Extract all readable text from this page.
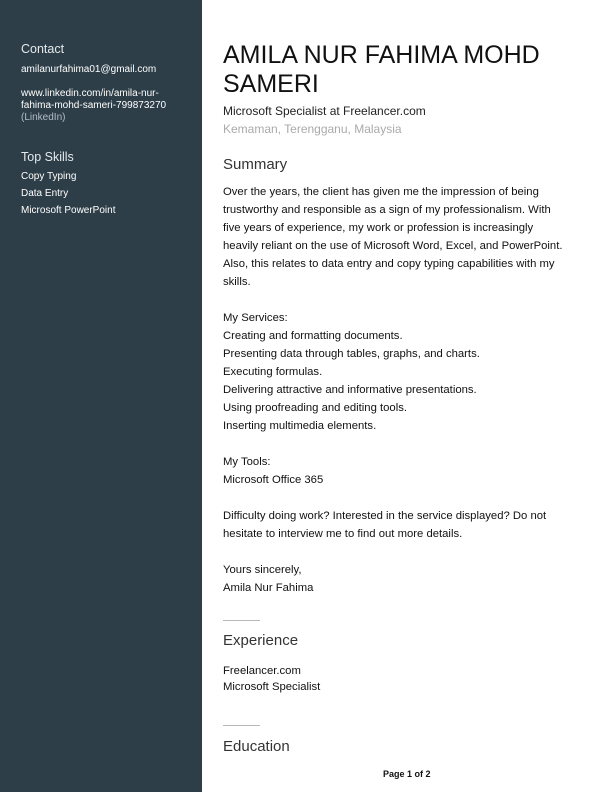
Contact
amilanurfahima01@gmail.com
www.linkedin.com/in/amila-nur-
fahima-mohd-sameri-799873270
(LinkedIn)
Top Skills
Copy Typing
Data Entry
Microsoft PowerPoint
AMILA NUR FAHIMA MOHD
SAMERI
Microsoft Specialist at Freelancer.com
Kemaman, Terengganu, Malaysia
Summary

Over the years, the client has given me the impression of being

trustworthy and responsible as a sign of my professionalism. With

five years of experience, my work or profession is increasingly

heavily reliant on the use of Microsoft Word, Excel, and PowerPoint.

Also, this relates to data entry and copy typing capabilities with my

skills.

My Services:

Creating and formatting documents.

Presenting data through tables, graphs, and charts.

Executing formulas.

Delivering attractive and informative presentations.

Using proofreading and editing tools.

Inserting multimedia elements.

My Tools:

Microsoft Office 365

Difficulty doing work? Interested in the service displayed? Do not

hesitate to interview me to find out more details.

Yours sincerely,

Amila Nur Fahima

Experience
Freelancer.com
Microsoft Specialist
Education
Page 1 of 2
